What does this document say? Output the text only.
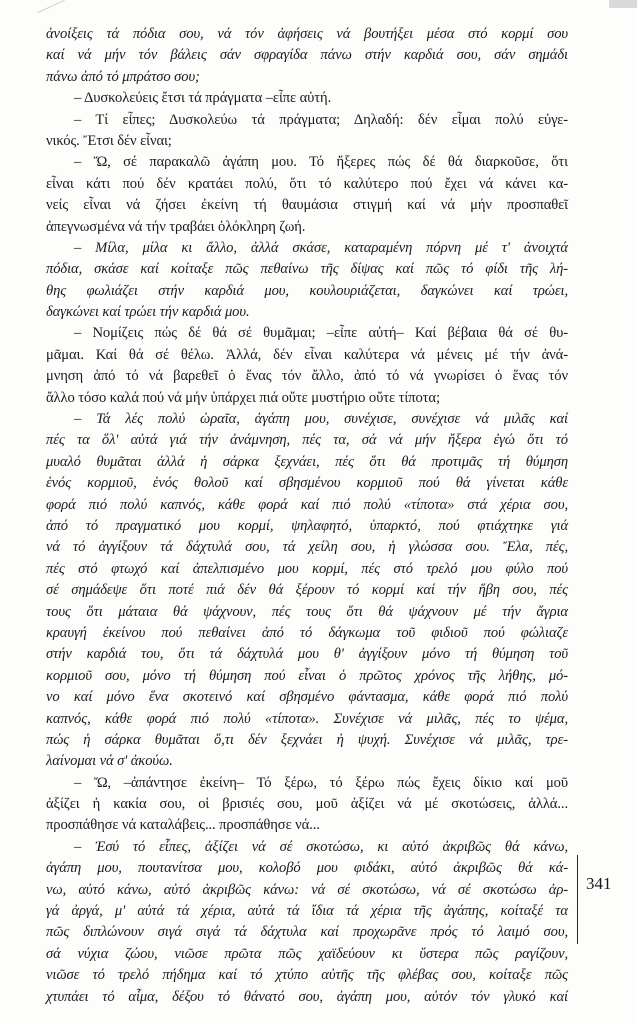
ἀνοίξεις τά πόδια σου, νά τόν ἀφήσεις νά βουτήξει μέσα στό κορμί σου
καί νά μήν τόν βάλεις σάν σφραγίδα πάνω στήν καρδιά σου, σάν σημάδι
πάνω ἀπό τό μπράτσο σου;
– Δυσκολεύεις ἔτσι τά πράγματα –εἶπε αὐτή.
– Τί εἶπες; Δυσκολεύω τά πράγματα; Δηλαδή: δέν εἶμαι πολύ εὐγε-
νικός. Ἔτσι δέν εἶναι;
– Ὤ, σέ παρακαλῶ ἀγάπη μου. Τό ἤξερες πώς δέ θά διαρκοῦσε, ὅτι
εἶναι κάτι πού δέν κρατάει πολύ, ὅτι τό καλύτερο πού ἔχει νά κάνει κα-
νείς εἶναι νά ζήσει ἐκείνη τή θαυμάσια στιγμή καί νά μήν προσπαθεῖ
ἀπεγνωσμένα νά τήν τραβάει ὁλόκληρη ζωή.
– Μίλα, μίλα κι ἄλλο, ἀλλά σκάσε, καταραμένη πόρνη μέ τ' ἀνοιχτά
πόδια, σκάσε καί κοίταξε πῶς πεθαίνω τῆς δίψας καί πῶς τό φίδι τῆς λή-
θης φωλιάζει στήν καρδιά μου, κουλουριάζεται, δαγκώνει καί τρώει,
δαγκώνει καί τρώει τήν καρδιά μου.
– Νομίζεις πώς δέ θά σέ θυμᾶμαι; –εἶπε αὐτή– Καί βέβαια θά σέ θυ-
μᾶμαι. Καί θά σέ θέλω. Ἀλλά, δέν εἶναι καλύτερα νά μένεις μέ τήν ἀνά-
μνηση ἀπό τό νά βαρεθεῖ ὁ ἕνας τόν ἄλλο, ἀπό τό νά γνωρίσει ὁ ἕνας τόν
ἄλλο τόσο καλά πού νά μήν ὑπάρχει πιά οὔτε μυστήριο οὔτε τίποτα;
– Τά λές πολύ ὡραῖα, ἀγάπη μου, συνέχισε, συνέχισε νά μιλᾶς καί
πές τα ὅλ' αὐτά γιά τήν ἀνάμνηση, πές τα, σά νά μήν ἤξερα ἐγώ ὅτι τό
μυαλό θυμᾶται ἀλλά ἡ σάρκα ξεχνάει, πές ὅτι θά προτιμᾶς τή θύμηση
ἑνός κορμιοῦ, ἑνός θολοῦ καί σβησμένου κορμιοῦ πού θά γίνεται κάθε
φορά πιό πολύ καπνός, κάθε φορά καί πιό πολύ «τίποτα» στά χέρια σου,
ἀπό τό πραγματικό μου κορμί, ψηλαφητό, ὑπαρκτό, πού φτιάχτηκε γιά
νά τό ἀγγίξουν τά δάχτυλά σου, τά χείλη σου, ἡ γλώσσα σου. Ἔλα, πές,
πές στό φτωχό καί ἀπελπισμένο μου κορμί, πές στό τρελό μου φύλο πού
σέ σημάδεψε ὅτι ποτέ πιά δέν θά ξέρουν τό κορμί καί τήν ἥβη σου, πές
τους ὅτι μάταια θά ψάχνουν, πές τους ὅτι θά ψάχνουν μέ τήν ἄγρια
κραυγή ἐκείνου πού πεθαίνει ἀπό τό δάγκωμα τοῦ φιδιοῦ πού φώλιαζε
στήν καρδιά του, ὅτι τά δάχτυλά μου θ' ἀγγίξουν μόνο τή θύμηση τοῦ
κορμιοῦ σου, μόνο τή θύμηση πού εἶναι ὁ πρῶτος χρόνος τῆς λήθης, μό-
νο καί μόνο ἕνα σκοτεινό καί σβησμένο φάντασμα, κάθε φορά πιό πολύ
καπνός, κάθε φορά πιό πολύ «τίποτα». Συνέχισε νά μιλᾶς, πές το ψέμα,
πώς ἡ σάρκα θυμᾶται ὅ,τι δέν ξεχνάει ἡ ψυχή. Συνέχισε νά μιλᾶς, τρε-
λαίνομαι νά σ' ἀκούω.
– Ὤ, –ἀπάντησε ἐκείνη– Τό ξέρω, τό ξέρω πώς ἔχεις δίκιο καί μοῦ
ἀξίζει ἡ κακία σου, οἱ βρισιές σου, μοῦ ἀξίζει νά μέ σκοτώσεις, ἀλλά...
προσπάθησε νά καταλάβεις... προσπάθησε νά...
– Ἐσύ τό εἶπες, ἀξίζει νά σέ σκοτώσω, κι αὐτό ἀκριβῶς θά κάνω,
ἀγάπη μου, πουτανίτσα μου, κολοβό μου φιδάκι, αὐτό ἀκριβῶς θά κά-
νω, αὐτό κάνω, αὐτό ἀκριβῶς κάνω: νά σέ σκοτώσω, νά σέ σκοτώσω ἀρ-
γά ἀργά, μ' αὐτά τά χέρια, αὐτά τά ἴδια τά χέρια τῆς ἀγάπης, κοίταξέ τα
πῶς διπλώνουν σιγά σιγά τά δάχτυλα καί προχωρᾶνε πρός τό λαιμό σου,
σά νύχια ζώου, νιῶσε πρῶτα πῶς χαϊδεύουν κι ὕστερα πῶς ραγίζουν,
νιῶσε τό τρελό πήδημα καί τό χτύπο αὐτῆς τῆς φλέβας σου, κοίταξε πῶς
χτυπάει τό αἷμα, δέξου τό θάνατό σου, ἀγάπη μου, αὐτόν τόν γλυκό καί
341
